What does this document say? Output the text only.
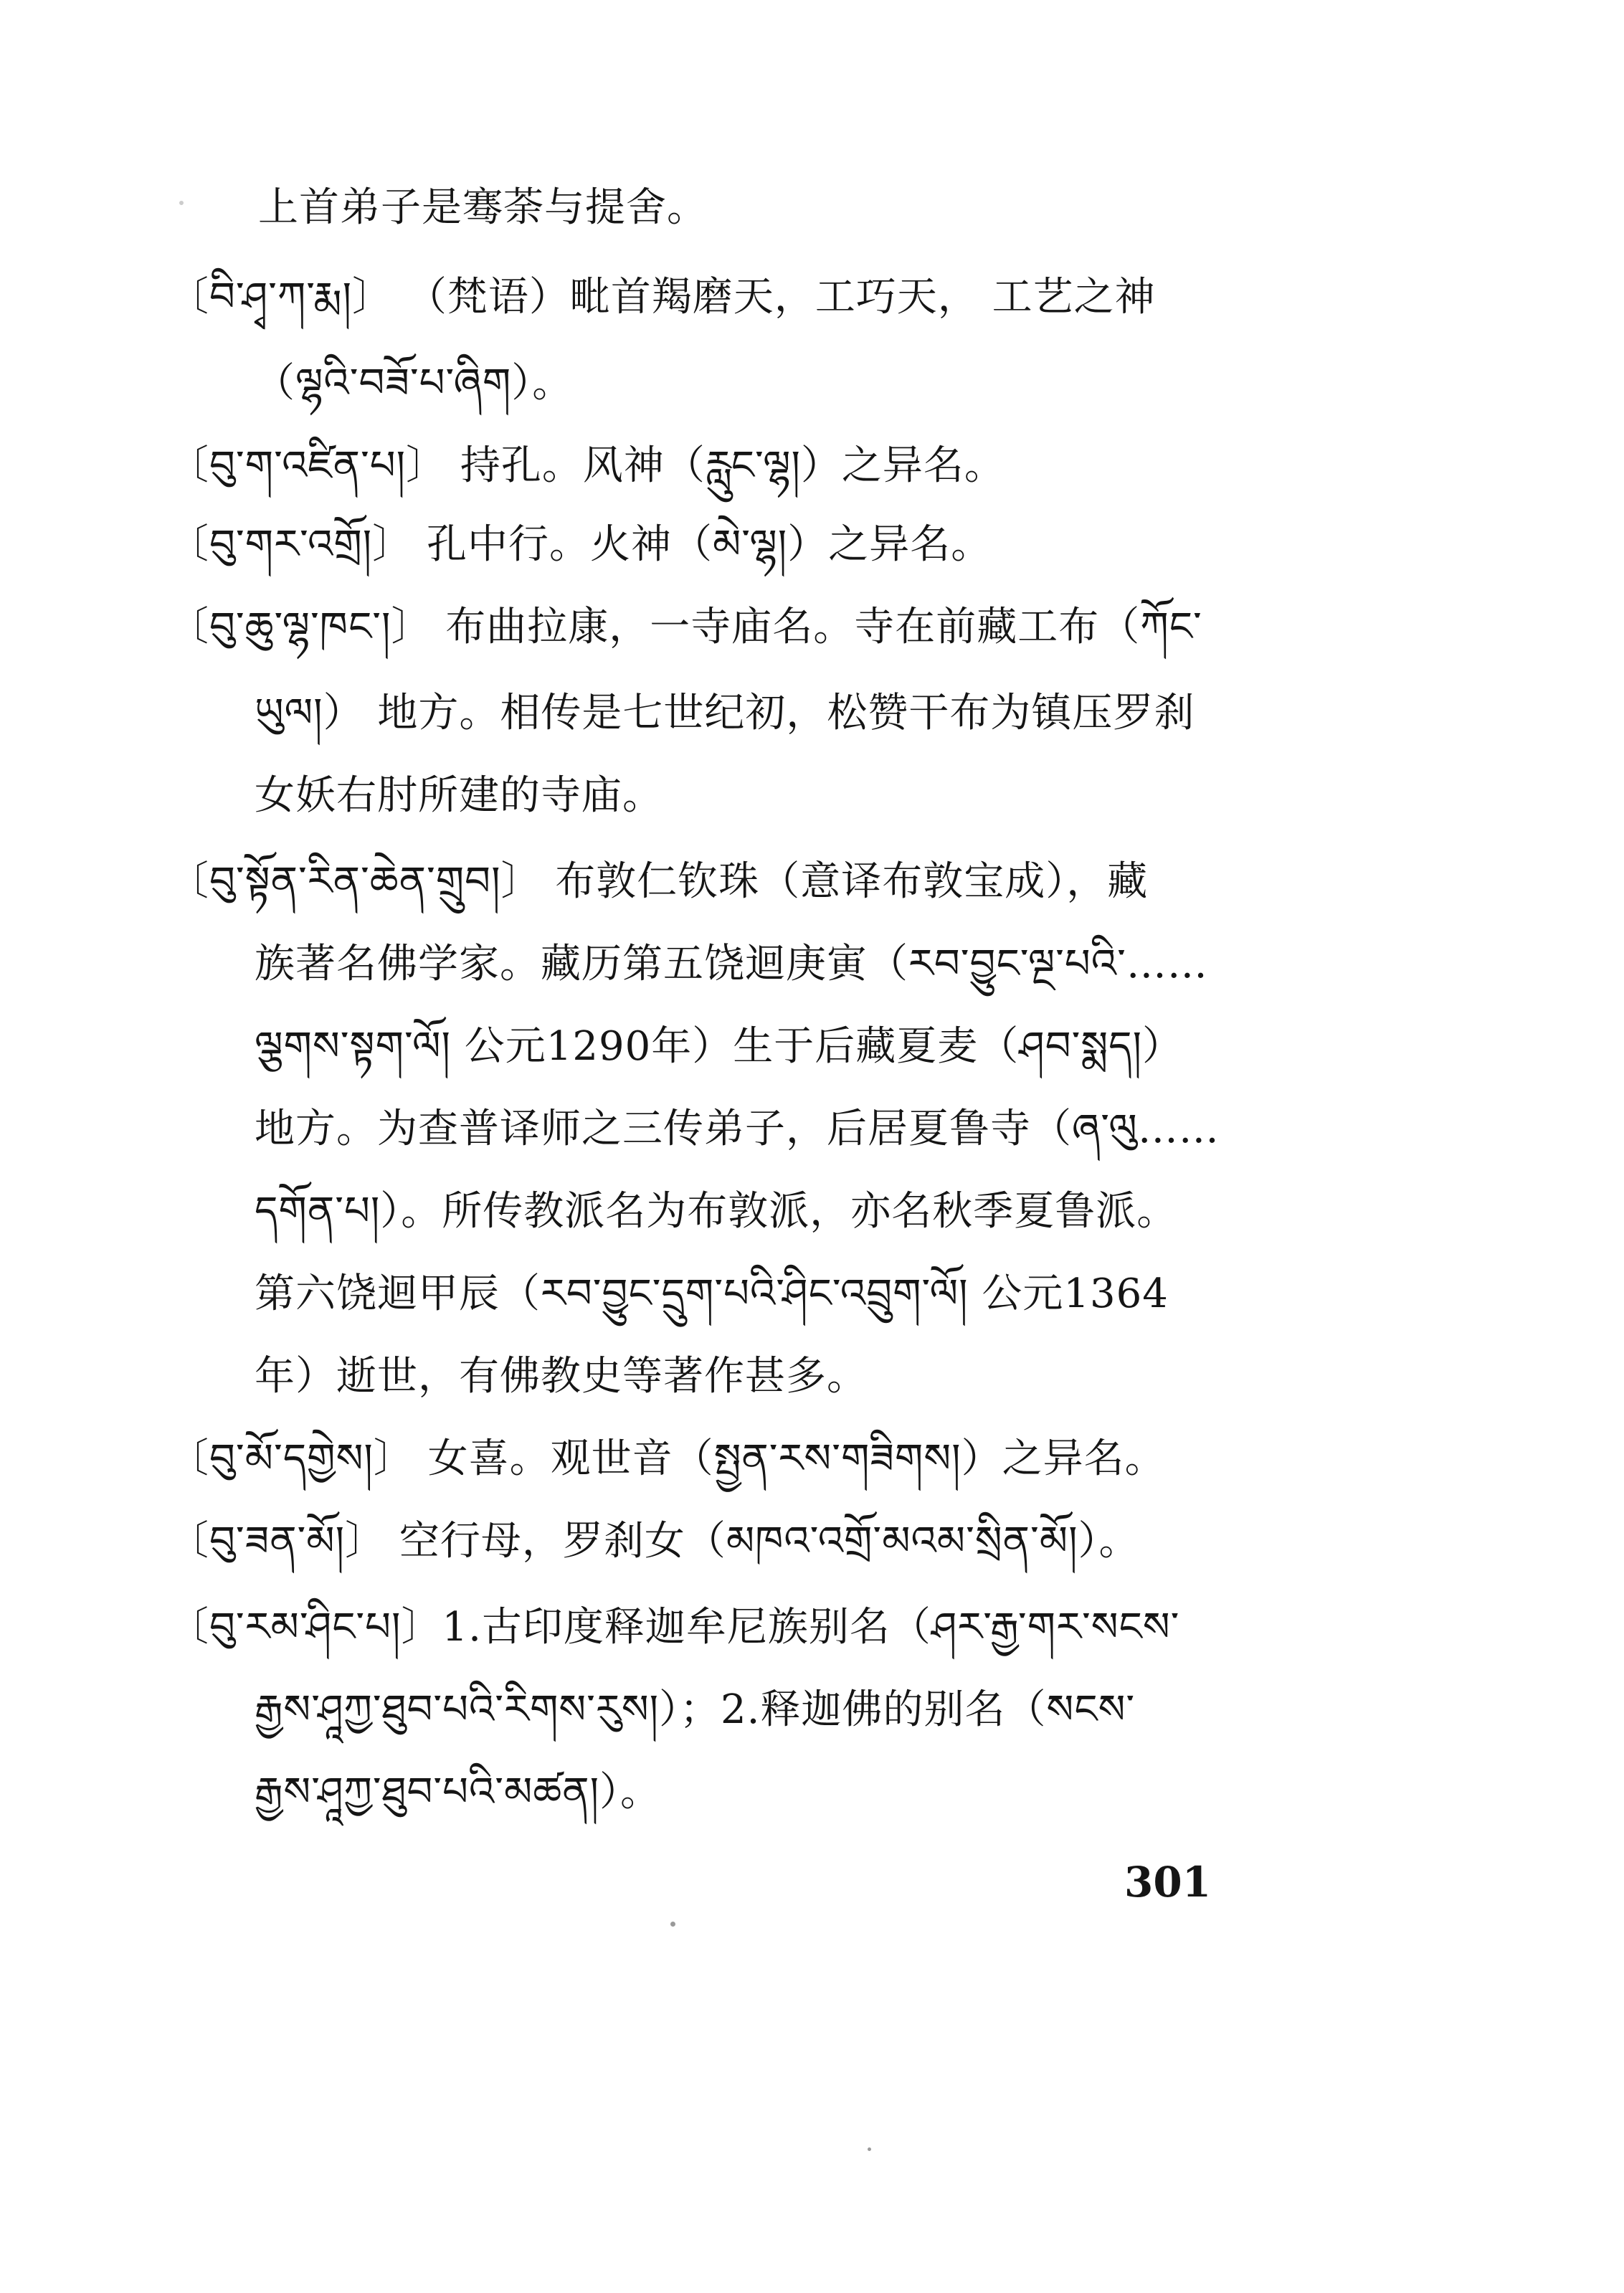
上首弟子是骞荼与提舍。
〔བི་ཤྭ་ཀ་རྨ།〕 （梵语）毗首羯磨天，工巧天， 工艺之神
（ལྷའི་བཟོ་པ་ཞིག）。
〔བུ་ག་འཛིན་པ།〕 持孔。风神（རླུང་ལྷ།）之异名。
〔བུ་གར་འགྲོ།〕 孔中行。火神（མེ་ལྷ།）之异名。
〔བུ་ཆུ་ལྷ་ཁང་།〕 布曲拉康，一寺庙名。寺在前藏工布（ཀོང་
ཡུལ།） 地方。相传是七世纪初，松赞干布为镇压罗刹
女妖右肘所建的寺庙。
〔བུ་སྟོན་རིན་ཆེན་གྲུབ།〕 布敦仁钦珠（意译布敦宝成），藏
族著名佛学家。藏历第五饶迴庚寅（རབ་བྱུང་ལྔ་པའི་……
ལྕགས་སྟག་ལོ། 公元1290年）生于后藏夏麦（ཤབ་སྨད།）
地方。为查普译师之三传弟子，后居夏鲁寺（ཞ་ལུ……
དགོན་པ།）。所传教派名为布敦派，亦名秋季夏鲁派。
第六饶迴甲辰（རབ་བྱུང་དྲུག་པའི་ཤིང་འབྲུག་ལོ། 公元1364
年）逝世，有佛教史等著作甚多。
〔བུ་མོ་དགྱེས།〕 女喜。观世音（སྤྱན་རས་གཟིགས།）之异名。
〔བུ་ཟན་མོ།〕 空行母，罗刹女（མཁའ་འགྲོ་མའམ་སྲིན་མོ།）。
〔བུ་རམ་ཤིང་པ།〕1.古印度释迦牟尼族别名（ཤར་རྒྱ་གར་སངས་
རྒྱས་ཤཱཀྱ་ཐུབ་པའི་རིགས་རུས།）；2.释迦佛的别名（སངས་
རྒྱས་ཤཱཀྱ་ཐུབ་པའི་མཚན།）。
301
